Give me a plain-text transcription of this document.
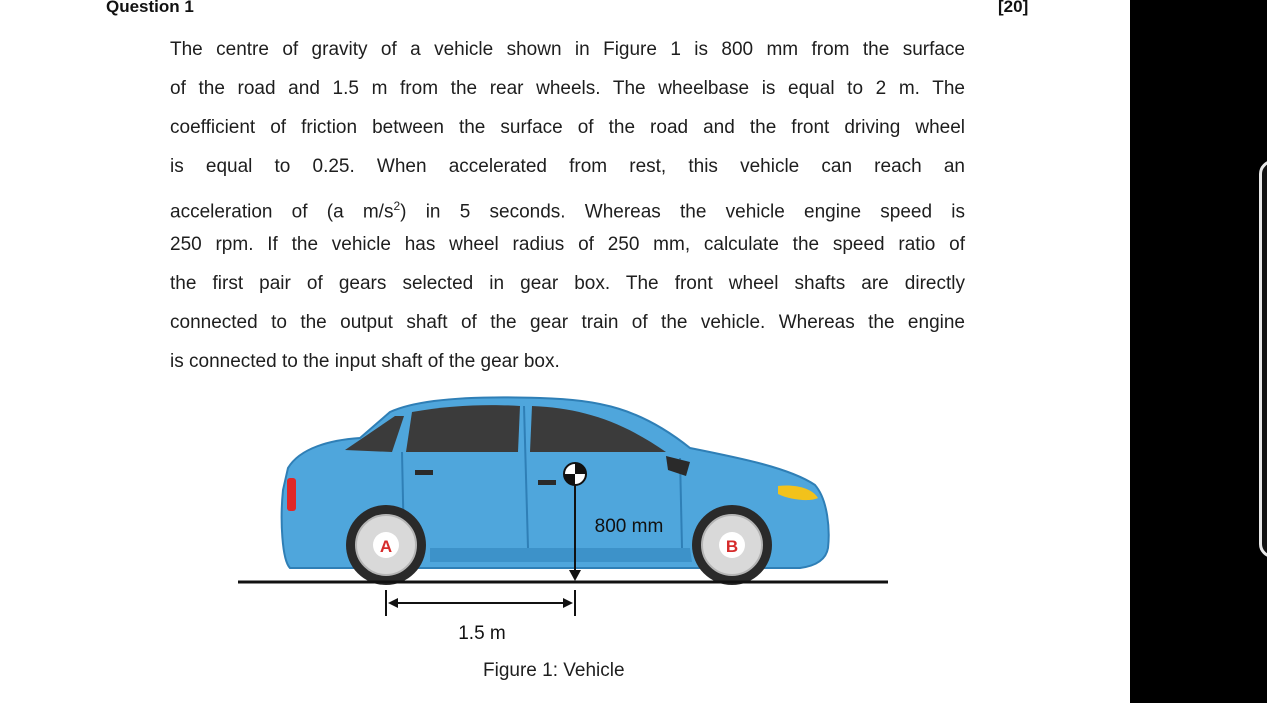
Question 1	[20]
The centre of gravity of a vehicle shown in Figure 1 is 800 mm from the surface
of the road and 1.5 m from the rear wheels. The wheelbase is equal to 2 m. The
coefficient of friction between the surface of the road and the front driving wheel
is equal to 0.25. When accelerated from rest, this vehicle can reach an
acceleration of (a $m/s^2$) in 5 seconds. Whereas the vehicle engine speed is
250 rpm. If the vehicle has wheel radius of 250 mm, calculate the speed ratio of
the first pair of gears selected in gear box. The front wheel shafts are directly
connected to the output shaft of the gear train of the vehicle. Whereas the engine
is connected to the input shaft of the gear box.
A	B
800 mm
1.5 m
Figure 1: Vehicle
